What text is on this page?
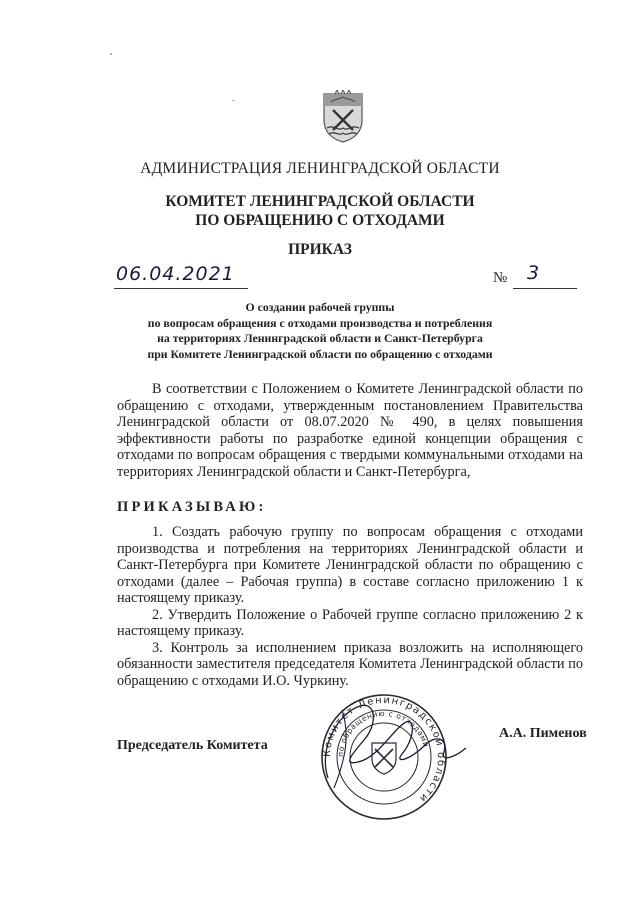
АДМИНИСТРАЦИЯ ЛЕНИНГРАДСКОЙ ОБЛАСТИ
КОМИТЕТ ЛЕНИНГРАДСКОЙ ОБЛАСТИ
ПО ОБРАЩЕНИЮ С ОТХОДАМИ
ПРИКАЗ
06.04.2021	№ 3
О создании рабочей группы
по вопросам обращения с отходами производства и потребления
на территориях Ленинградской области и Санкт-Петербурга
при Комитете Ленинградской области по обращению с отходами

В соответствии с Положением о Комитете Ленинградской области по обращению с отходами, утвержденным постановлением Правительства Ленинградской области от 08.07.2020 № 490, в целях повышения эффективности работы по разработке единой концепции обращения с отходами по вопросам обращения с твердыми коммунальными отходами на территориях Ленинградской области и Санкт-Петербурга,

ПРИКАЗЫВАЮ:

1. Создать рабочую группу по вопросам обращения с отходами производства и потребления на территориях Ленинградской области и Санкт-Петербурга при Комитете Ленинградской области по обращению с отходами (далее – Рабочая группа) в составе согласно приложению 1 к настоящему приказу.

2. Утвердить Положение о Рабочей группе согласно приложению 2 к настоящему приказу.

3. Контроль за исполнением приказа возложить на исполняющего обязанности заместителя председателя Комитета Ленинградской области по обращению с отходами И.О. Чуркину.

Председатель Комитета
А.А. Пименов
Комитет Ленинградской области
по обращению с отходами
